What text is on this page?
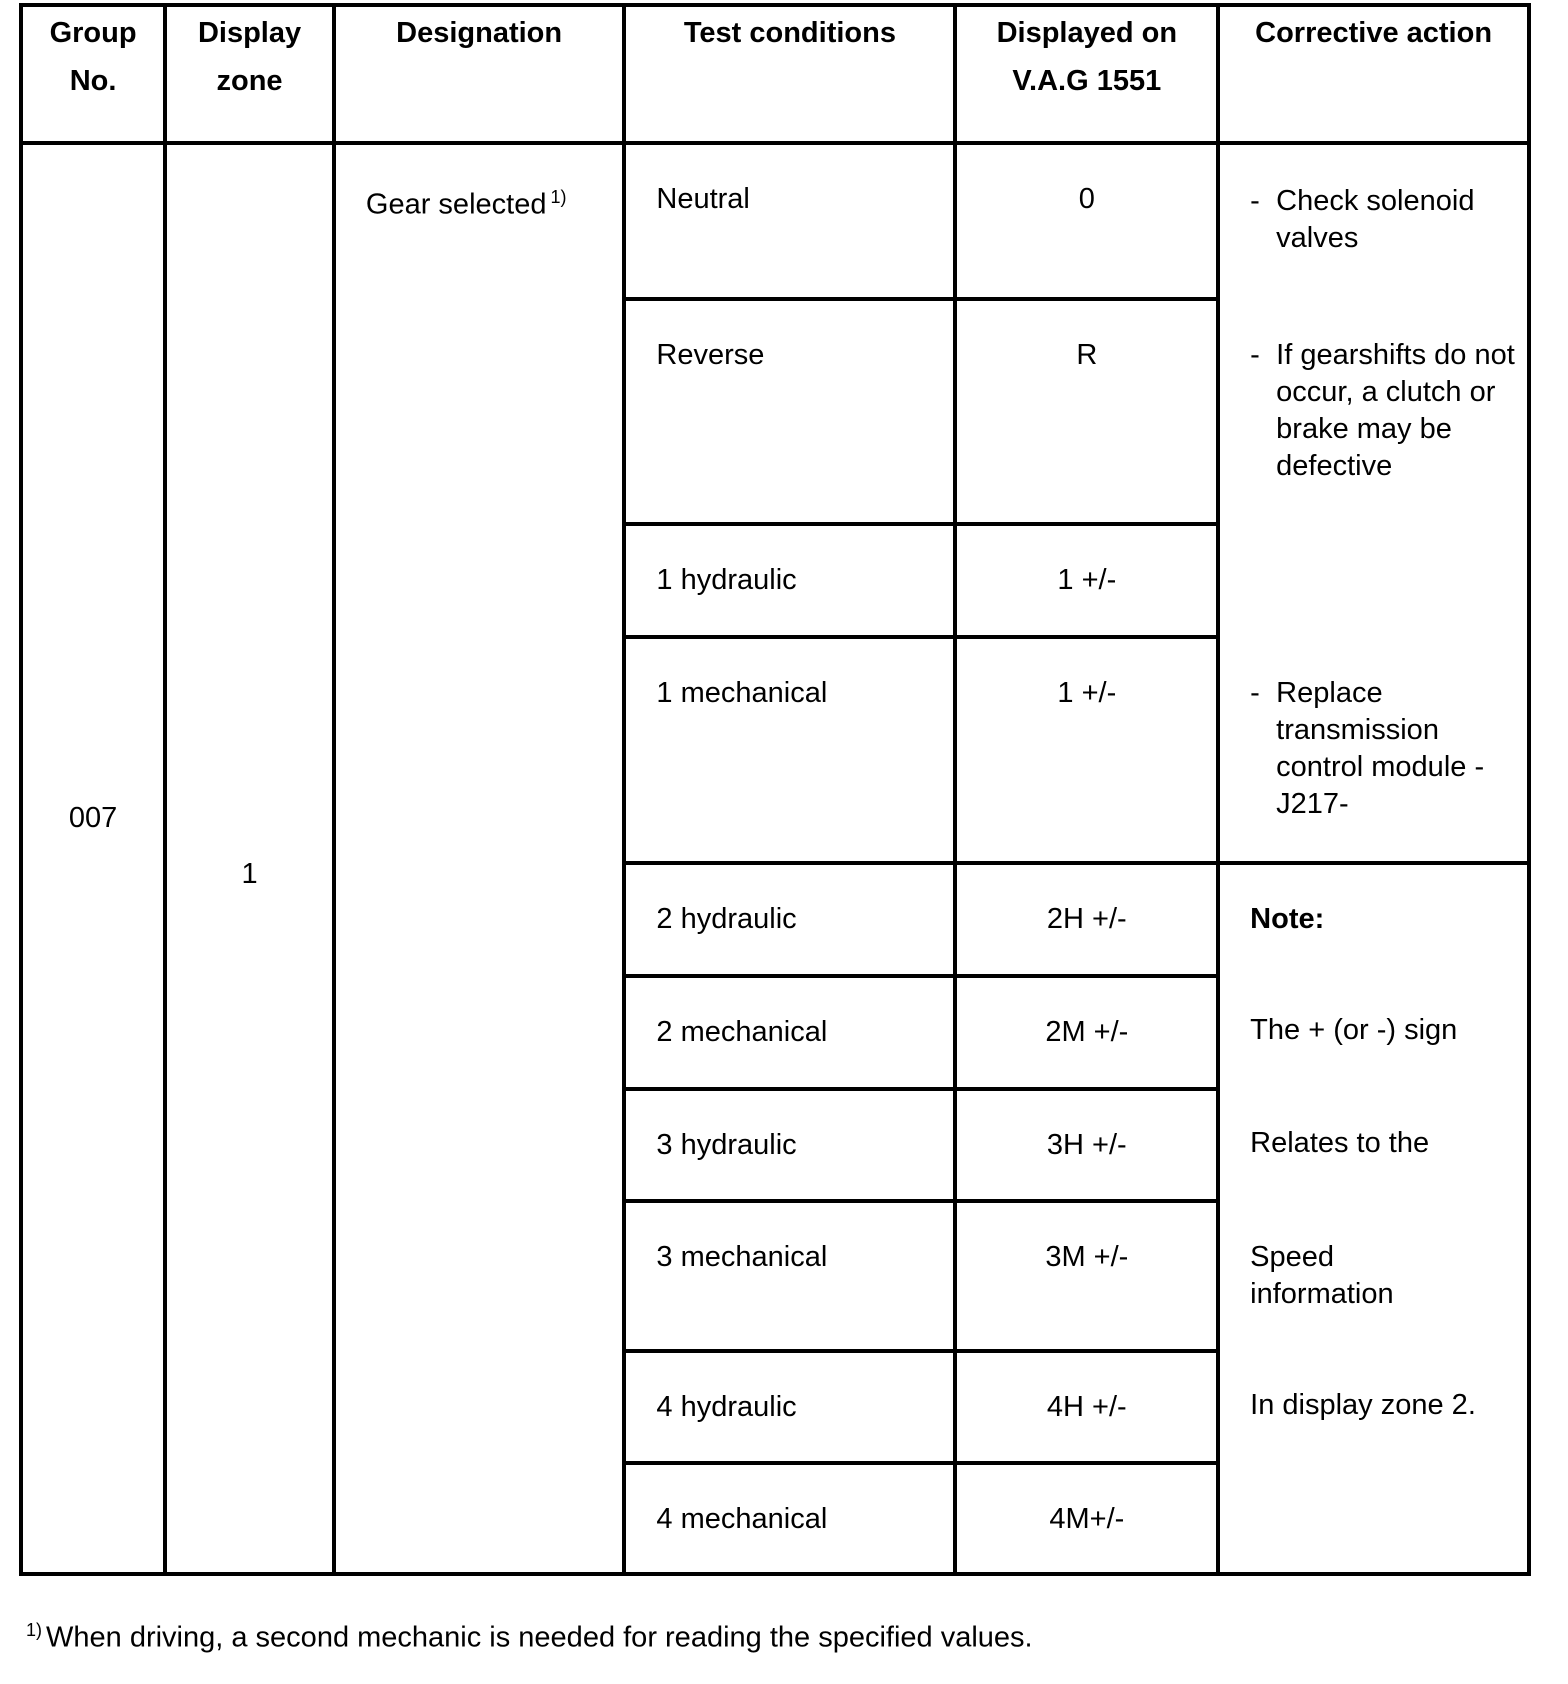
Group No.	Display zone	Designation	Test conditions	Displayed on V.A.G 1551	Corrective action
007	1	Gear selected $^{1)}$	Neutral	0	- Check solenoid valves

			Reverse	R	- If gearshifts do not occur, a clutch or brake may be defective

			1 hydraulic	1 +/-	
			1 mechanical	1 +/-	- Replace transmission control module -J217-

			2 hydraulic	2H +/-	Note:
			2 mechanical	2M +/-	The + (or -) sign
			3 hydraulic	3H +/-	Relates to the
			3 mechanical	3M +/-	Speed information

			4 hydraulic	4H +/-	In display zone 2.
			4 mechanical	4M+/-	
$^{1)}$ When driving, a second mechanic is needed for reading the specified values.
